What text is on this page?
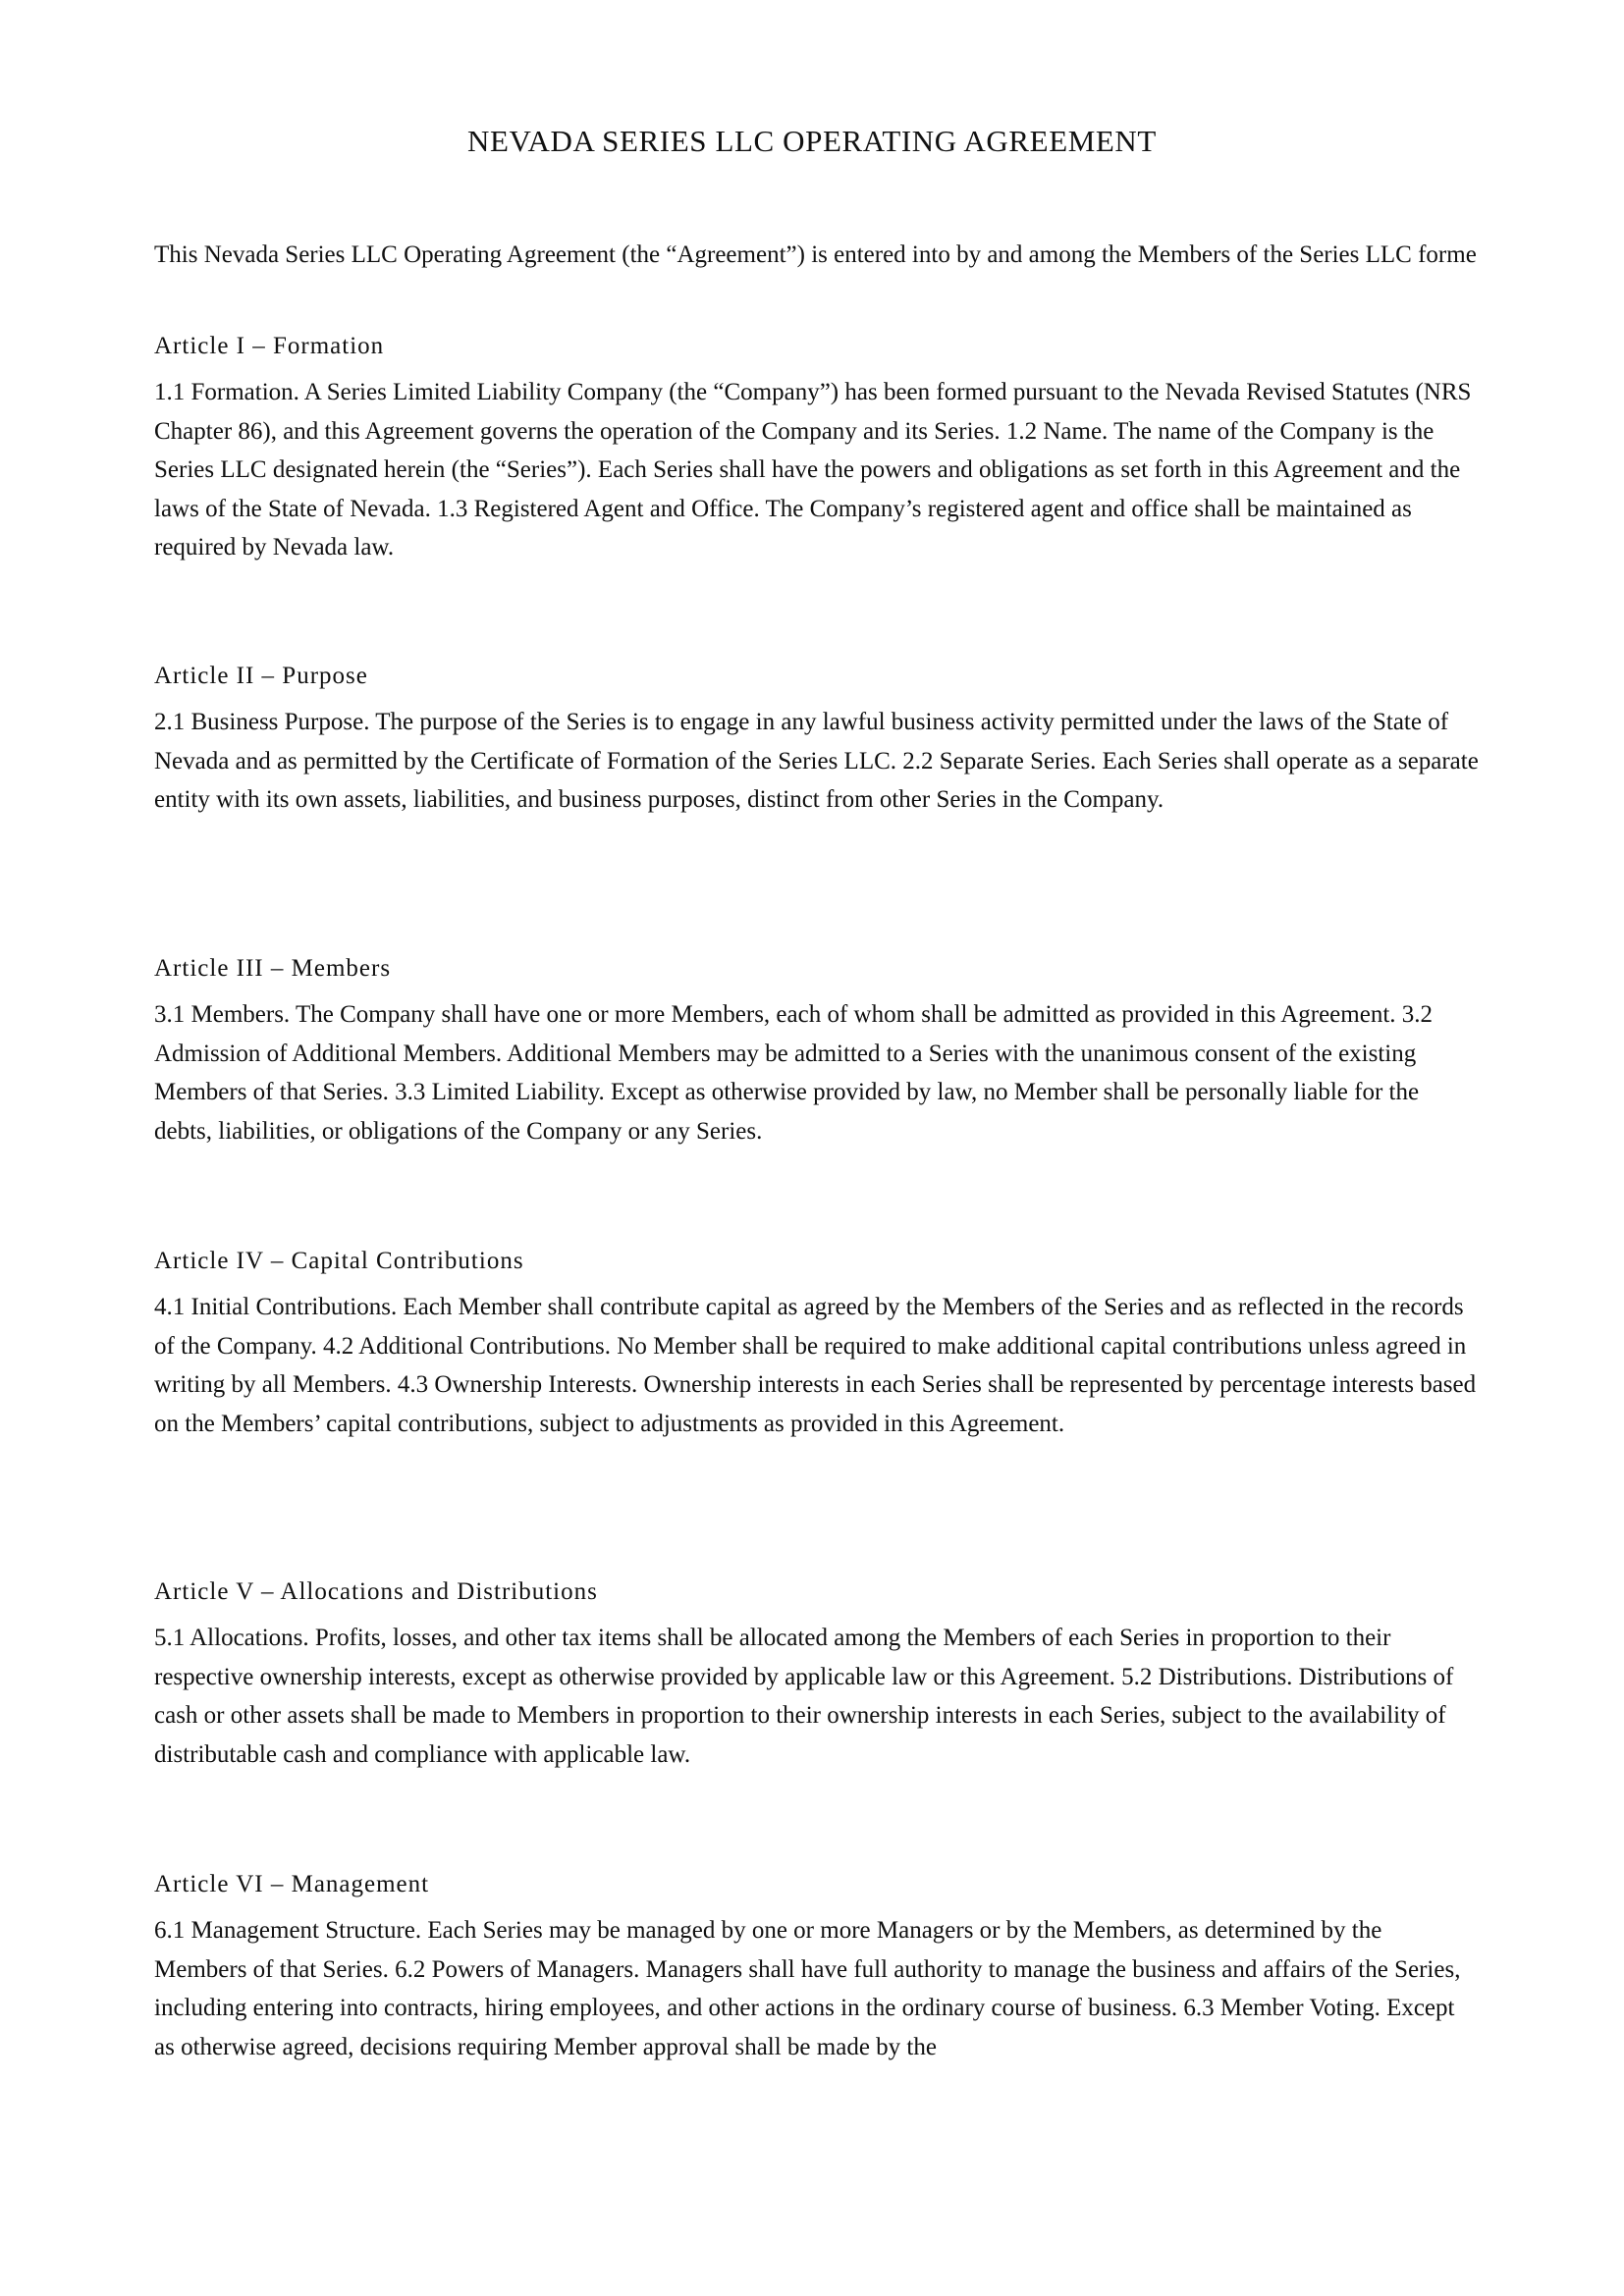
NEVADA SERIES LLC OPERATING AGREEMENT

This Nevada Series LLC Operating Agreement (the “Agreement”) is entered into by and among the Members of the Series LLC forme

Article I – Formation

1.1 Formation. A Series Limited Liability Company (the “Company”) has been formed pursuant to the Nevada Revised Statutes (NRS Chapter 86), and this Agreement governs the operation of the Company and its Series. 1.2 Name. The name of the Company is the Series LLC designated herein (the “Series”). Each Series shall have the powers and obligations as set forth in this Agreement and the laws of the State of Nevada. 1.3 Registered Agent and Office. The Company’s registered agent and office shall be maintained as required by Nevada law.

Article II – Purpose

2.1 Business Purpose. The purpose of the Series is to engage in any lawful business activity permitted under the laws of the State of Nevada and as permitted by the Certificate of Formation of the Series LLC. 2.2 Separate Series. Each Series shall operate as a separate entity with its own assets, liabilities, and business purposes, distinct from other Series in the Company.

Article III – Members

3.1 Members. The Company shall have one or more Members, each of whom shall be admitted as provided in this Agreement. 3.2 Admission of Additional Members. Additional Members may be admitted to a Series with the unanimous consent of the existing Members of that Series. 3.3 Limited Liability. Except as otherwise provided by law, no Member shall be personally liable for the debts, liabilities, or obligations of the Company or any Series.

Article IV – Capital Contributions

4.1 Initial Contributions. Each Member shall contribute capital as agreed by the Members of the Series and as reflected in the records of the Company. 4.2 Additional Contributions. No Member shall be required to make additional capital contributions unless agreed in writing by all Members. 4.3 Ownership Interests. Ownership interests in each Series shall be represented by percentage interests based on the Members’ capital contributions, subject to adjustments as provided in this Agreement.

Article V – Allocations and Distributions

5.1 Allocations. Profits, losses, and other tax items shall be allocated among the Members of each Series in proportion to their respective ownership interests, except as otherwise provided by applicable law or this Agreement. 5.2 Distributions. Distributions of cash or other assets shall be made to Members in proportion to their ownership interests in each Series, subject to the availability of distributable cash and compliance with applicable law.

Article VI – Management

6.1 Management Structure. Each Series may be managed by one or more Managers or by the Members, as determined by the Members of that Series. 6.2 Powers of Managers. Managers shall have full authority to manage the business and affairs of the Series, including entering into contracts, hiring employees, and other actions in the ordinary course of business. 6.3 Member Voting. Except as otherwise agreed, decisions requiring Member approval shall be made by the
